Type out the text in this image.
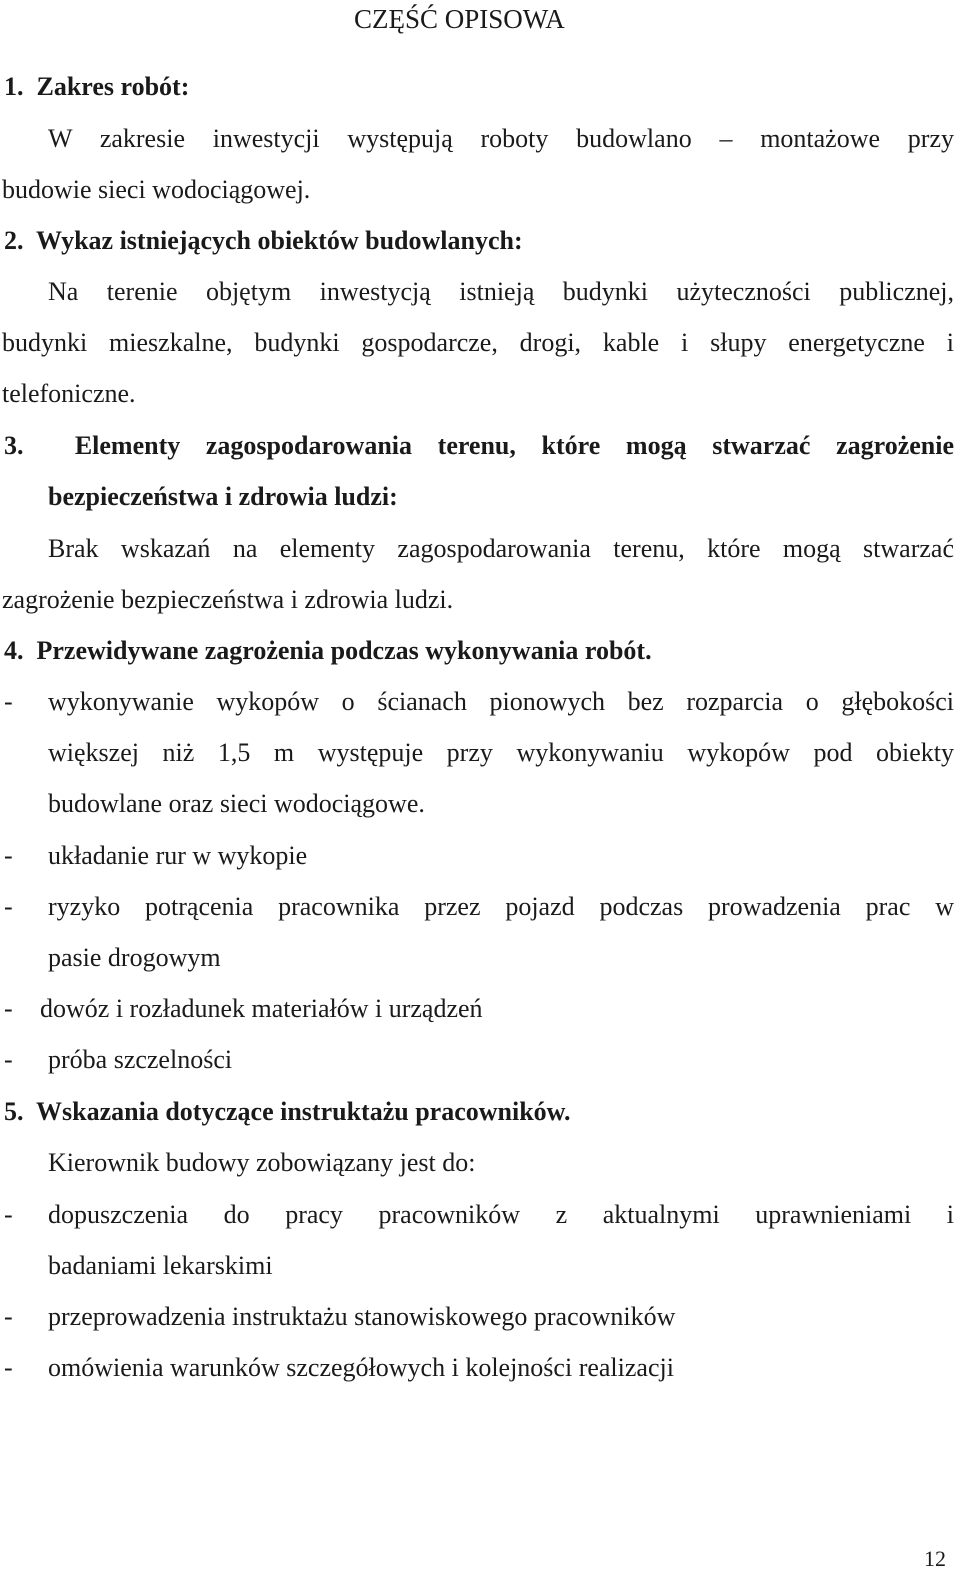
CZĘŚĆ OPISOWA
1.  Zakres robót:
W zakresie inwestycji występują roboty budowlano – montażowe przy
budowie sieci wodociągowej.
2.  Wykaz istniejących obiektów budowlanych:
Na terenie objętym inwestycją istnieją budynki użyteczności publicznej,
budynki mieszkalne, budynki gospodarcze, drogi, kable i słupy energetyczne i
telefoniczne.
3.  Elementy zagospodarowania terenu, które mogą stwarzać zagrożenie
bezpieczeństwa i zdrowia ludzi:
Brak wskazań na elementy zagospodarowania terenu, które mogą stwarzać
zagrożenie bezpieczeństwa i zdrowia ludzi.
4.  Przewidywane zagrożenia podczas wykonywania robót.
- wykonywanie wykopów o ścianach pionowych bez rozparcia o głębokości
większej niż 1,5 m występuje przy wykonywaniu wykopów pod obiekty
budowlane oraz sieci wodociągowe.
- układanie rur w wykopie
- ryzyko potrącenia pracownika przez pojazd podczas prowadzenia prac w
pasie drogowym
- dowóz i rozładunek materiałów i urządzeń
- próba szczelności
5.  Wskazania dotyczące instruktażu pracowników.
Kierownik budowy zobowiązany jest do:
- dopuszczenia do pracy pracowników z aktualnymi uprawnieniami i
badaniami lekarskimi
- przeprowadzenia instruktażu stanowiskowego pracowników
- omówienia warunków szczegółowych i kolejności realizacji
12
